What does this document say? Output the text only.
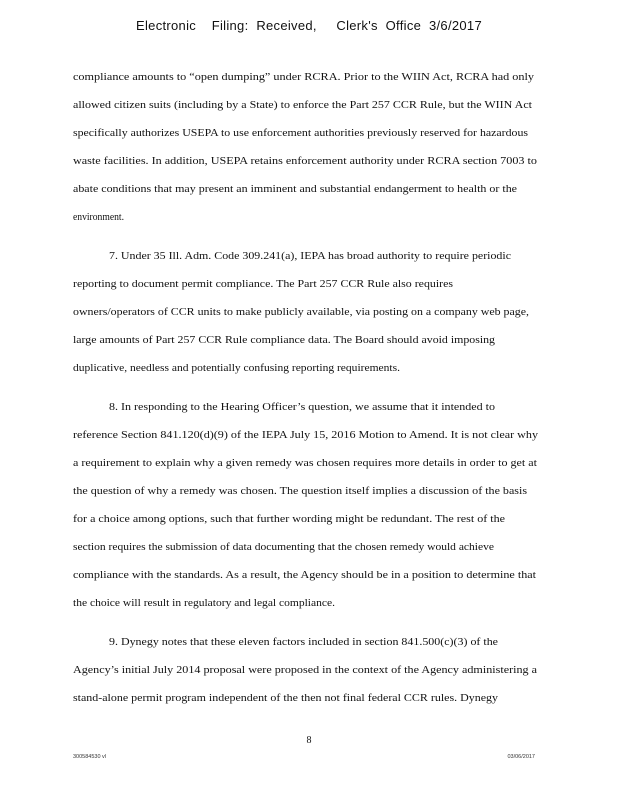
Electronic    Filing:  Received,     Clerk's  Office  3/6/2017
compliance amounts to “open dumping” under RCRA. Prior to the WIIN Act, RCRA had only
allowed citizen suits (including by a State) to enforce the Part 257 CCR Rule, but the WIIN Act
specifically authorizes USEPA to use enforcement authorities previously reserved for hazardous
waste facilities. In addition, USEPA retains enforcement authority under RCRA section 7003 to
abate conditions that may present an imminent and substantial endangerment to health or the
environment.
7. Under 35 Ill. Adm. Code 309.241(a), IEPA has broad authority to require periodic
reporting to document permit compliance. The Part 257 CCR Rule also requires
owners/operators of CCR units to make publicly available, via posting on a company web page,
large amounts of Part 257 CCR Rule compliance data. The Board should avoid imposing
duplicative, needless and potentially confusing reporting requirements.
8. In responding to the Hearing Officer’s question, we assume that it intended to
reference Section 841.120(d)(9) of the IEPA July 15, 2016 Motion to Amend. It is not clear why
a requirement to explain why a given remedy was chosen requires more details in order to get at
the question of why a remedy was chosen. The question itself implies a discussion of the basis
for a choice among options, such that further wording might be redundant. The rest of the
section requires the submission of data documenting that the chosen remedy would achieve
compliance with the standards. As a result, the Agency should be in a position to determine that
the choice will result in regulatory and legal compliance.
9. Dynegy notes that these eleven factors included in section 841.500(c)(3) of the
Agency’s initial July 2014 proposal were proposed in the context of the Agency administering a
stand-alone permit program independent of the then not final federal CCR rules. Dynegy
8
300584530 vl	03/06/2017
